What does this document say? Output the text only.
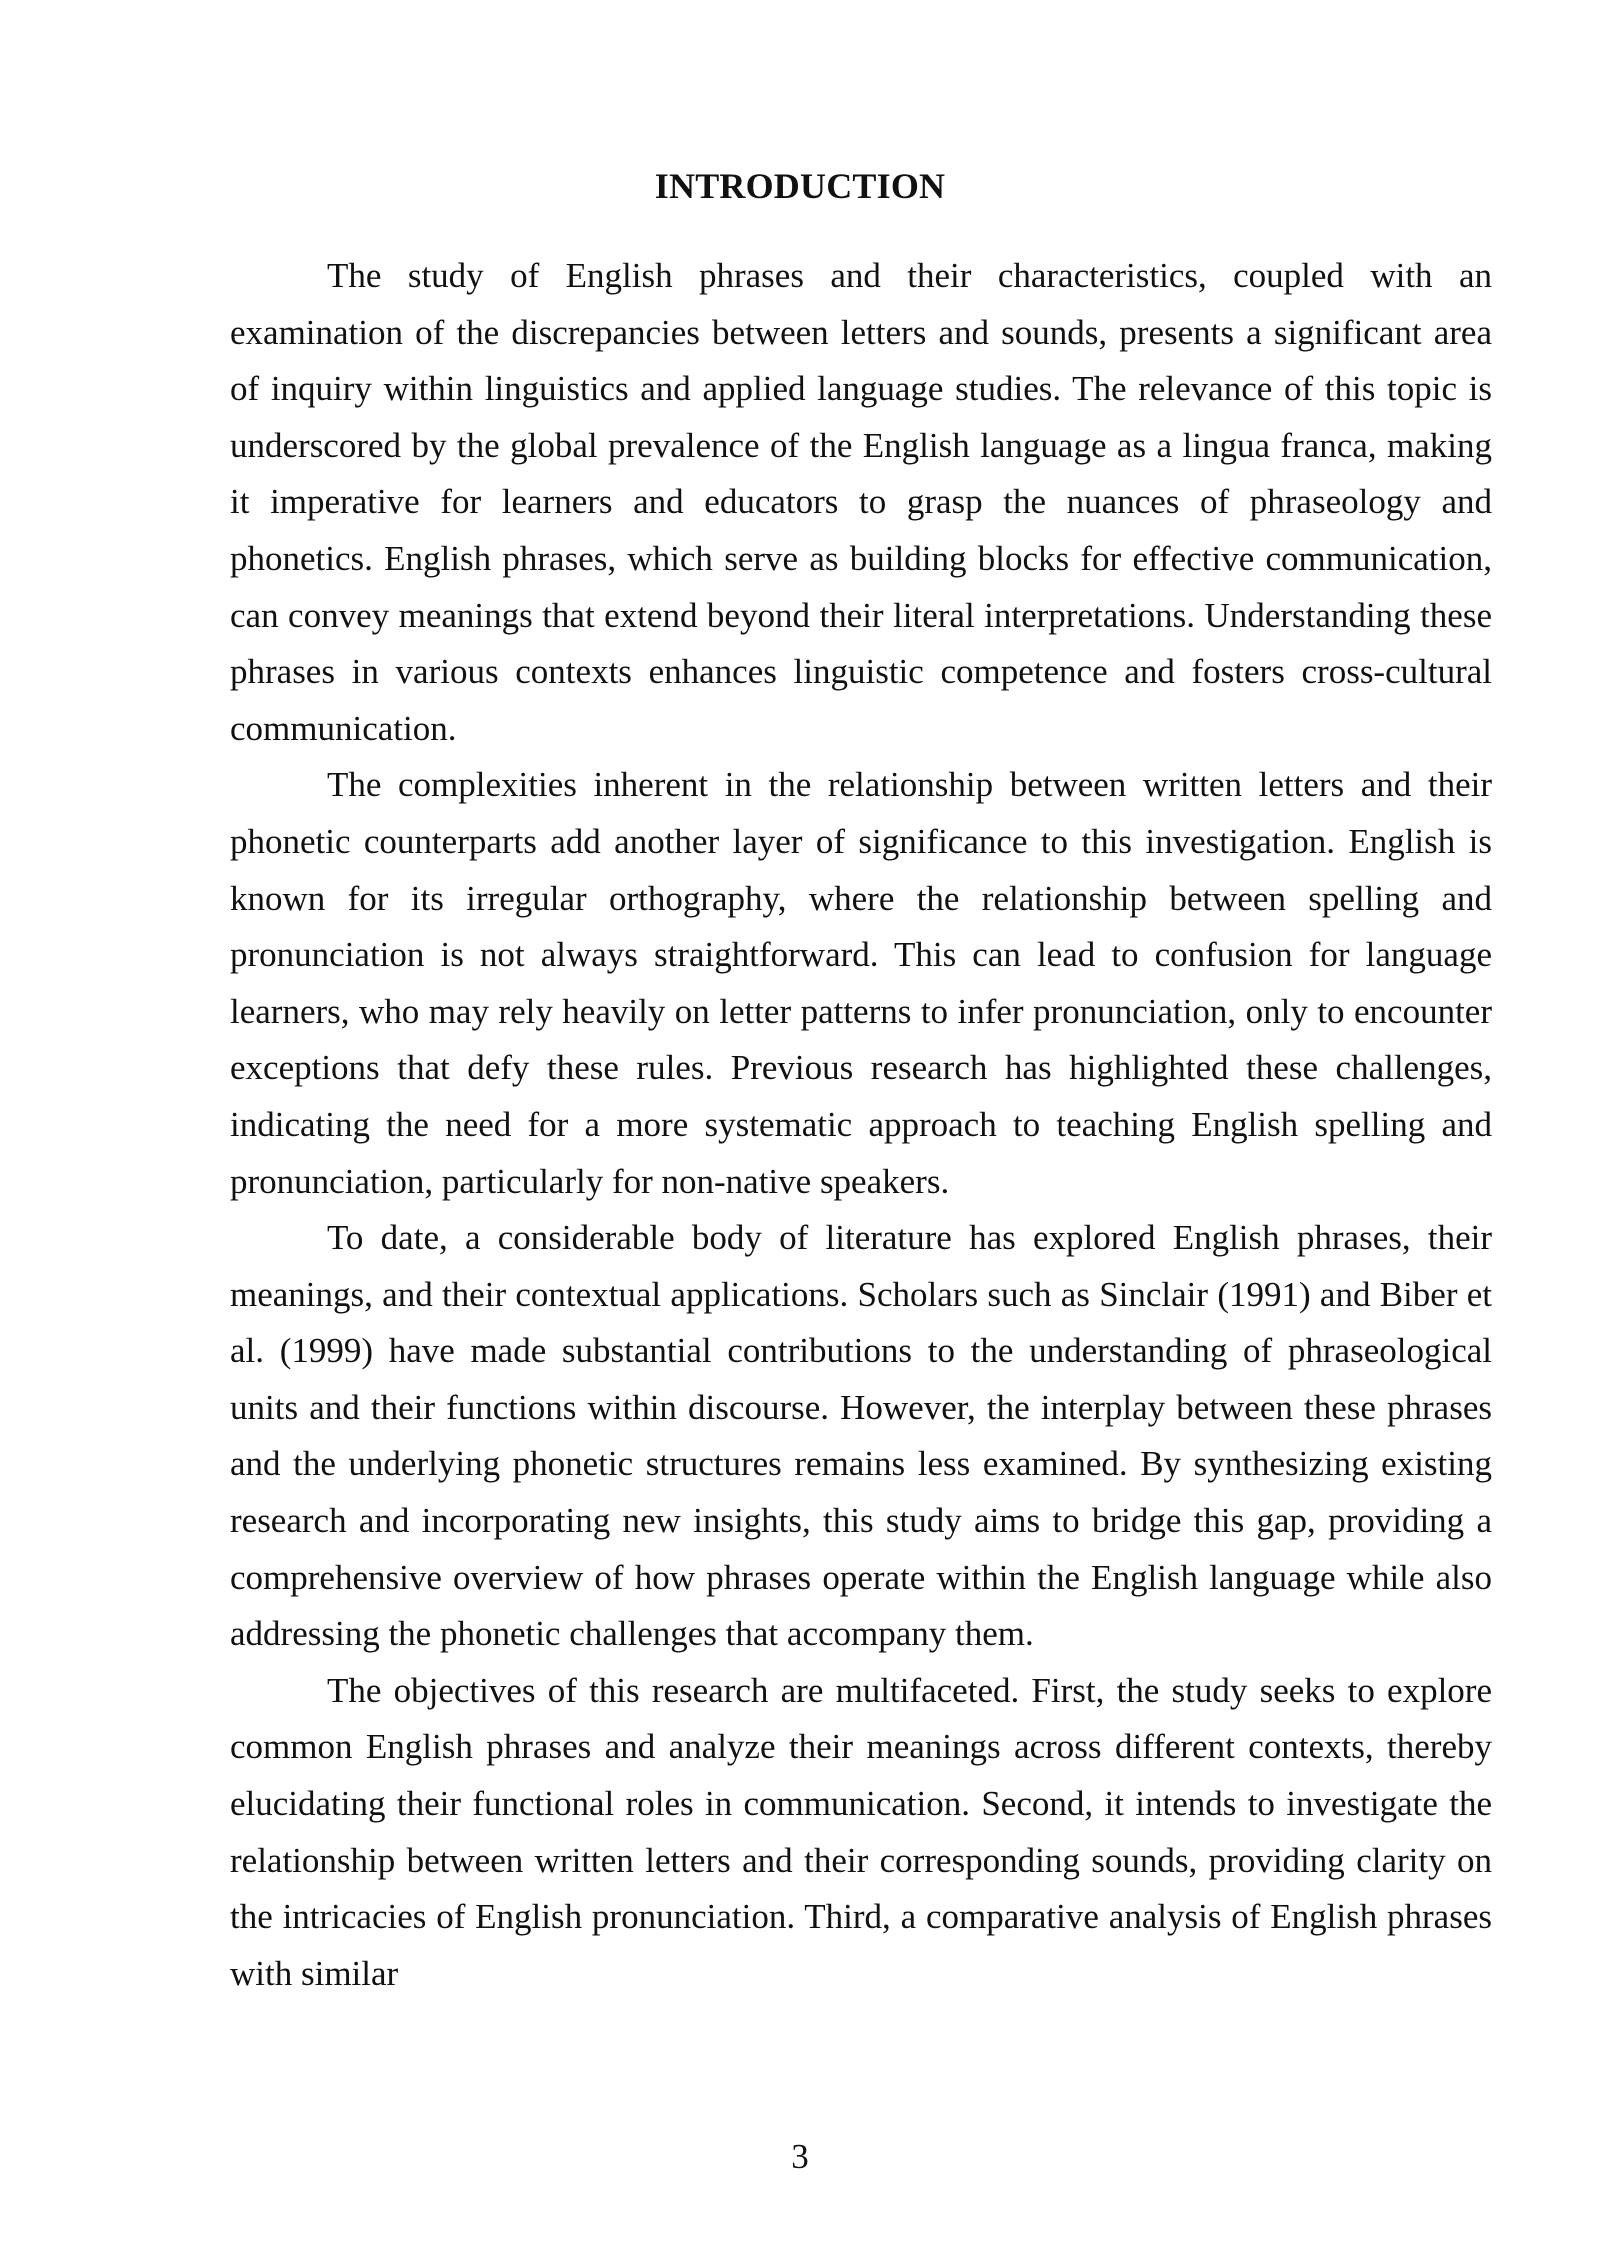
INTRODUCTION

The study of English phrases and their characteristics, coupled with an examination of the discrepancies between letters and sounds, presents a significant area of inquiry within linguistics and applied language studies. The relevance of this topic is underscored by the global prevalence of the English language as a lingua franca, making it imperative for learners and educators to grasp the nuances of phraseology and phonetics. English phrases, which serve as building blocks for effective communication, can convey meanings that extend beyond their literal interpretations. Understanding these phrases in various contexts enhances linguistic competence and fosters cross-cultural communication.

The complexities inherent in the relationship between written letters and their phonetic counterparts add another layer of significance to this investigation. English is known for its irregular orthography, where the relationship between spelling and pronunciation is not always straightforward. This can lead to confusion for language learners, who may rely heavily on letter patterns to infer pronunciation, only to encounter exceptions that defy these rules. Previous research has highlighted these challenges, indicating the need for a more systematic approach to teaching English spelling and pronunciation, particularly for non-native speakers.

To date, a considerable body of literature has explored English phrases, their meanings, and their contextual applications. Scholars such as Sinclair (1991) and Biber et al. (1999) have made substantial contributions to the understanding of phraseological units and their functions within discourse. However, the interplay between these phrases and the underlying phonetic structures remains less examined. By synthesizing existing research and incorporating new insights, this study aims to bridge this gap, providing a comprehensive overview of how phrases operate within the English language while also addressing the phonetic challenges that accompany them.

The objectives of this research are multifaceted. First, the study seeks to explore common English phrases and analyze their meanings across different contexts, thereby elucidating their functional roles in communication. Second, it intends to investigate the relationship between written letters and their corresponding sounds, providing clarity on the intricacies of English pronunciation. Third, a comparative analysis of English phrases with similar

3
